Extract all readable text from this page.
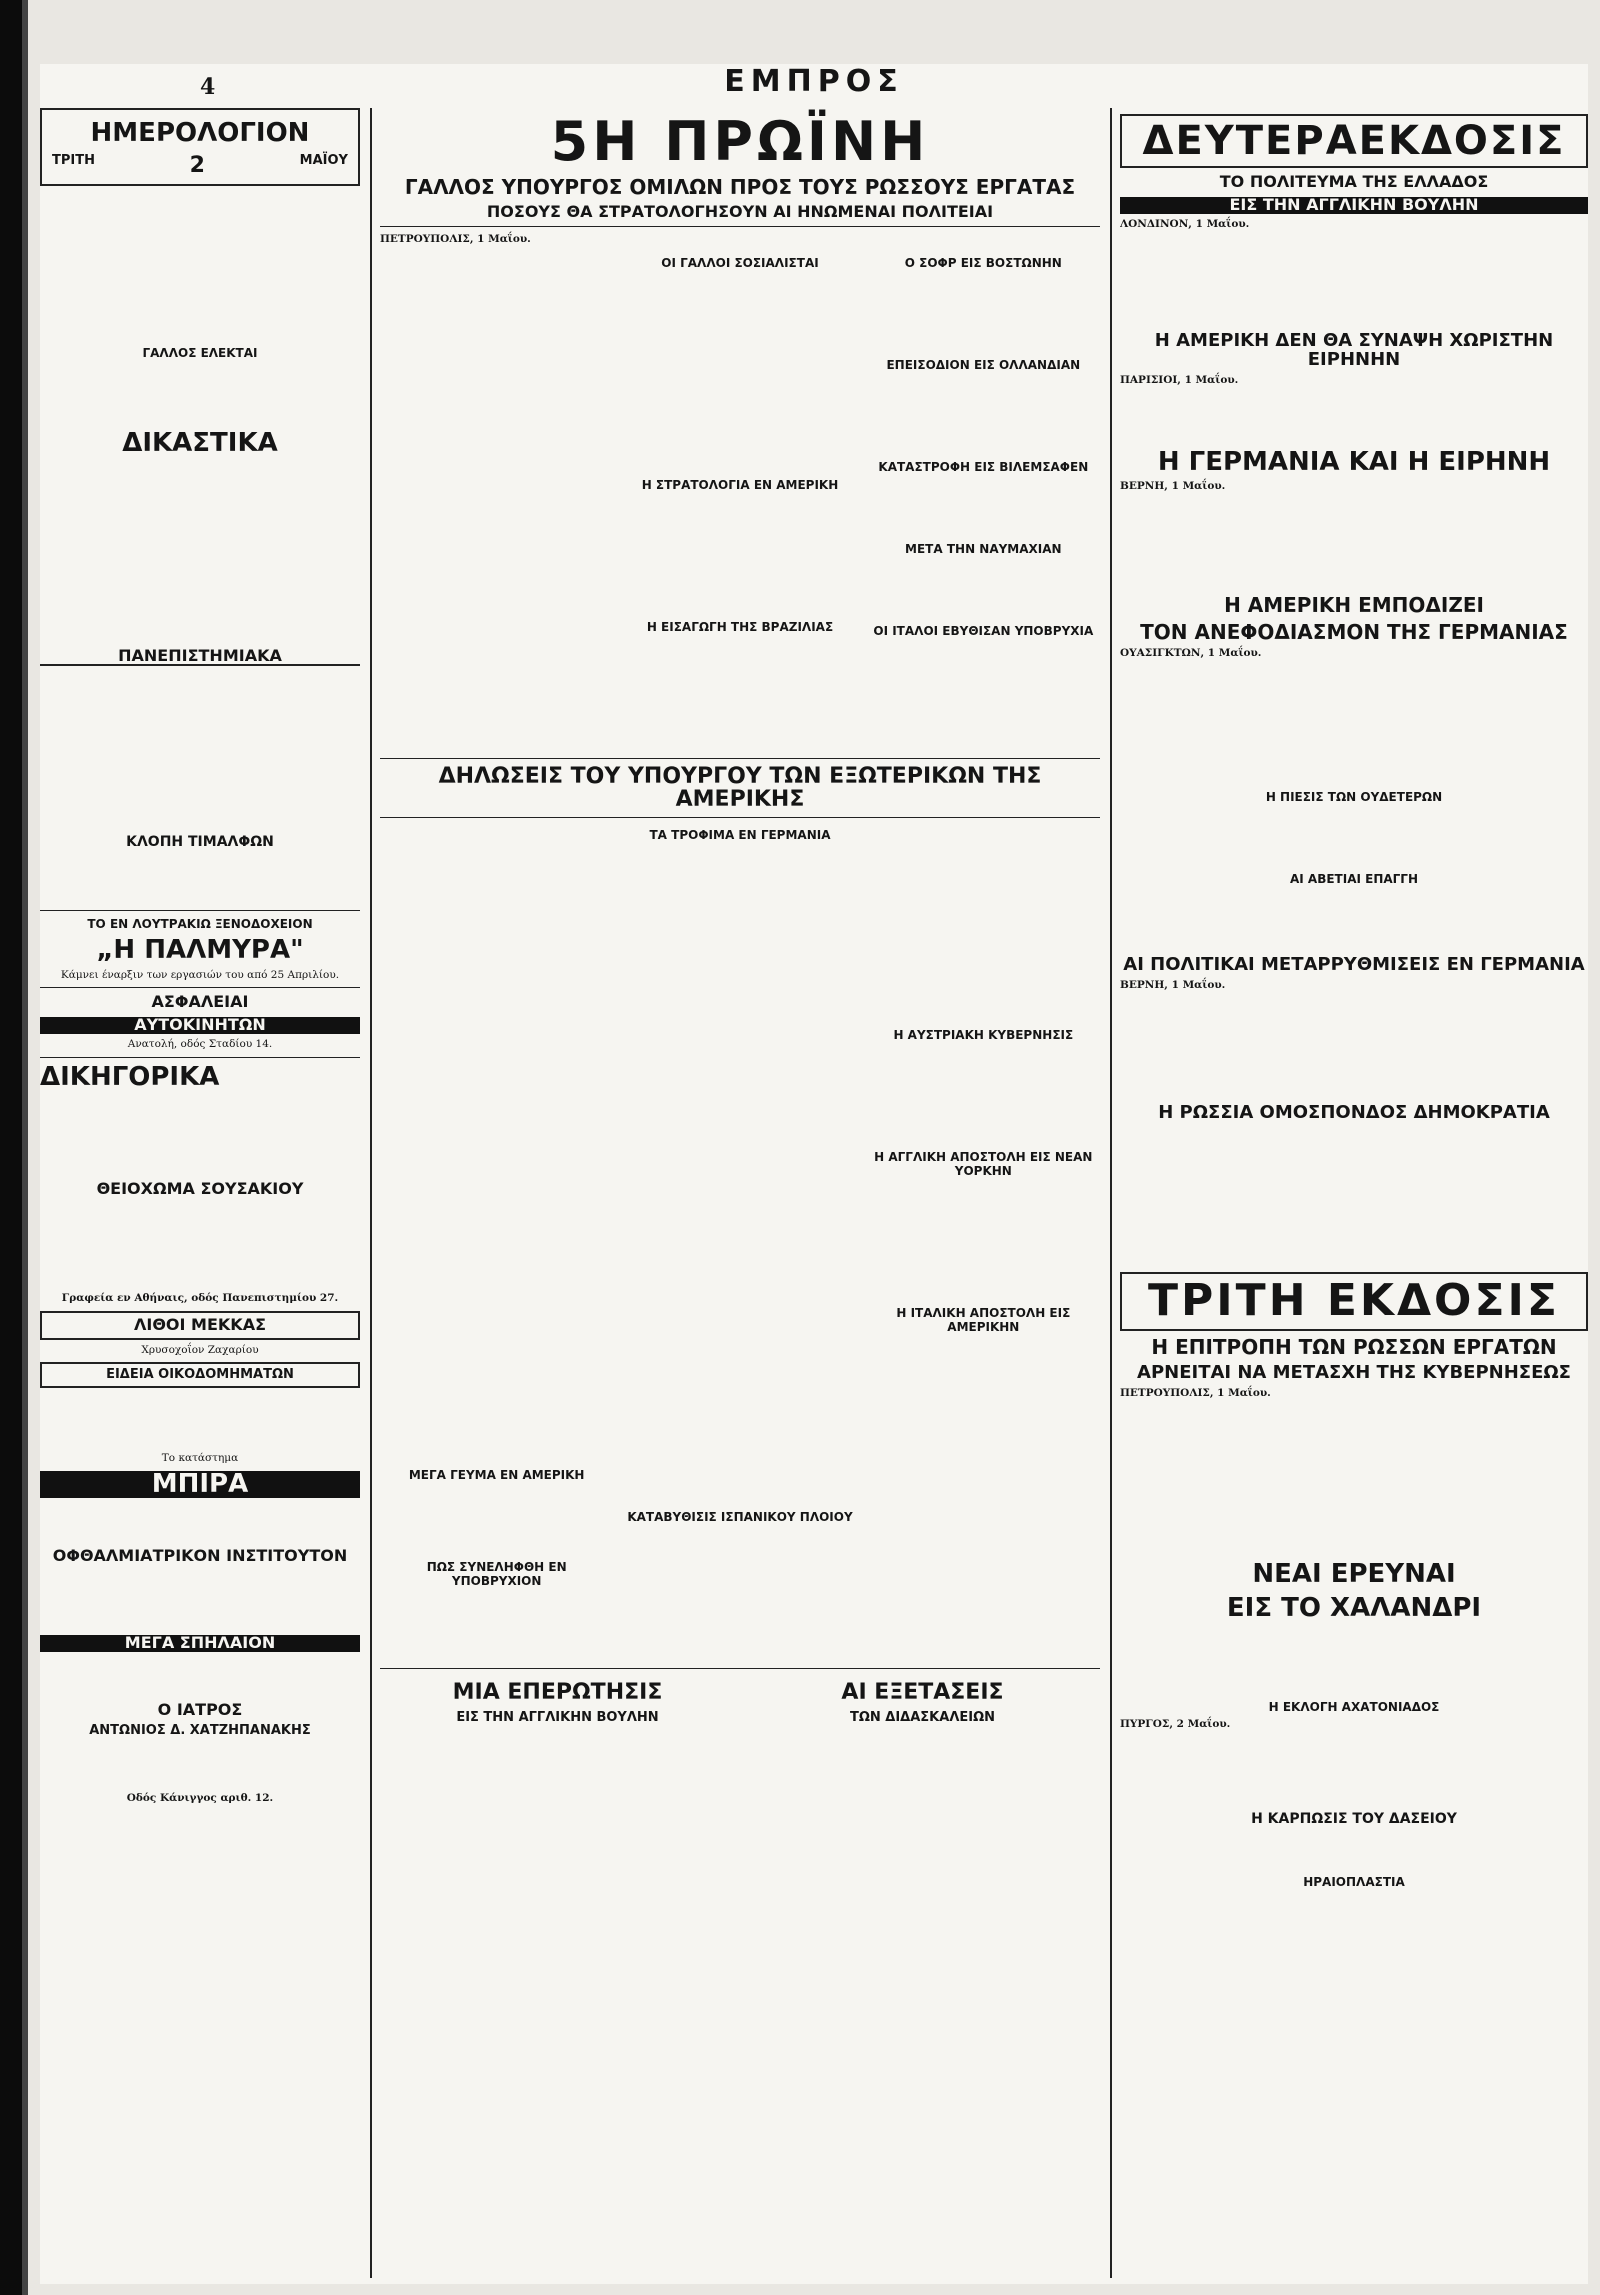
4	ΕΜΠΡΟΣ
ΗΜΕΡΟΛΟΓΙΟΝ
ΤΡΙΤΗ	2	ΜΑΪΟΥ
ΓΑΛΛΟΣ ΕΛΕΚΤΑΙ
ΔΙΚΑΣΤΙΚΑ
ΠΑΝΕΠΙΣΤΗΜΙΑΚΑ
ΚΛΟΠΗ ΤΙΜΑΛΦΩΝ
ΤΟ ΕΝ ΛΟΥΤΡΑΚΙΩ ΞΕΝΟΔΟΧΕΙΟΝ
„Η ΠΑΛΜΥΡΑ"
Κάμνει έναρξιν των εργασιών του από 25 Απριλίου.
ΑΣΦΑΛΕΙΑΙ
ΑΥΤΟΚΙΝΗΤΩΝ
Ανατολή, οδός Σταδίου 14.
ΔΙΚΗΓΟΡΙΚΑ
ΘΕΙΟΧΩΜΑ ΣΟΥΣΑΚΙΟΥ
Γραφεία εν Αθήναις, οδός Πανεπιστημίου 27.
ΛΙΘΟΙ ΜΕΚΚΑΣ
Χρυσοχοΐον Ζαχαρίου
ΕΙΔΕΙΑ ΟΙΚΟΔΟΜΗΜΑΤΩΝ
Το κατάστημα
ΜΠΙΡΑ
ΟΦΘΑΛΜΙΑΤΡΙΚΟΝ ΙΝΣΤΙΤΟΥΤΟΝ
ΜΕΓΑ ΣΠΗΛΑΙΟΝ
Ο ΙΑΤΡΟΣ
ΑΝΤΩΝΙΟΣ Δ. ΧΑΤΖΗΠΑΝΑΚΗΣ
Οδός Κάνιγγος αριθ. 12.
5Η ΠΡΩΪΝΗ
ΓΑΛΛΟΣ ΥΠΟΥΡΓΟΣ ΟΜΙΛΩΝ ΠΡΟΣ ΤΟΥΣ ΡΩΣΣΟΥΣ ΕΡΓΑΤΑΣ
ΠΟΣΟΥΣ ΘΑ ΣΤΡΑΤΟΛΟΓΗΣΟΥΝ ΑΙ ΗΝΩΜΕΝΑΙ ΠΟΛΙΤΕΙΑΙ
ΠΕΤΡΟΥΠΟΛΙΣ, 1 Μαΐου.
ΟΙ ΓΑΛΛΟΙ ΣΟΣΙΑΛΙΣΤΑΙ
Η ΣΤΡΑΤΟΛΟΓΙΑ ΕΝ ΑΜΕΡΙΚΗ
Η ΕΙΣΑΓΩΓΗ ΤΗΣ ΒΡΑΖΙΛΙΑΣ
Ο ΣΟΦΡ ΕΙΣ ΒΟΣΤΩΝΗΝ
ΕΠΕΙΣΟΔΙΟΝ ΕΙΣ ΟΛΛΑΝΔΙΑΝ
ΚΑΤΑΣΤΡΟΦΗ ΕΙΣ ΒΙΛΕΜΣΑΦΕΝ
ΜΕΤΑ ΤΗΝ ΝΑΥΜΑΧΙΑΝ
ΟΙ ΙΤΑΛΟΙ ΕΒΥΘΙΣΑΝ ΥΠΟΒΡΥΧΙΑ
ΔΗΛΩΣΕΙΣ ΤΟΥ ΥΠΟΥΡΓΟΥ ΤΩΝ ΕΞΩΤΕΡΙΚΩΝ ΤΗΣ ΑΜΕΡΙΚΗΣ
ΜΕΓΑ ΓΕΥΜΑ ΕΝ ΑΜΕΡΙΚΗ
ΠΩΣ ΣΥΝΕΛΗΦΘΗ ΕΝ ΥΠΟΒΡΥΧΙΟΝ
ΤΑ ΤΡΟΦΙΜΑ ΕΝ ΓΕΡΜΑΝΙΑ
ΚΑΤΑΒΥΘΙΣΙΣ ΙΣΠΑΝΙΚΟΥ ΠΛΟΙΟΥ
Η ΑΥΣΤΡΙΑΚΗ ΚΥΒΕΡΝΗΣΙΣ
Η ΑΓΓΛΙΚΗ ΑΠΟΣΤΟΛΗ ΕΙΣ ΝΕΑΝ ΥΟΡΚΗΝ
Η ΙΤΑΛΙΚΗ ΑΠΟΣΤΟΛΗ ΕΙΣ ΑΜΕΡΙΚΗΝ
ΜΙΑ ΕΠΕΡΩΤΗΣΙΣ
ΕΙΣ ΤΗΝ ΑΓΓΛΙΚΗΝ ΒΟΥΛΗΝ
ΑΙ ΕΞΕΤΑΣΕΙΣ
ΤΩΝ ΔΙΔΑΣΚΑΛΕΙΩΝ
ΔΕΥΤΕΡΑΕΚΔΟΣΙΣ
ΤΟ ΠΟΛΙΤΕΥΜΑ ΤΗΣ ΕΛΛΑΔΟΣ
ΕΙΣ ΤΗΝ ΑΓΓΛΙΚΗΝ ΒΟΥΛΗΝ
ΛΟΝΔΙΝΟΝ, 1 Μαΐου.
Η ΑΜΕΡΙΚΗ ΔΕΝ ΘΑ ΣΥΝΑΨΗ ΧΩΡΙΣΤΗΝ ΕΙΡΗΝΗΝ
ΠΑΡΙΣΙΟΙ, 1 Μαΐου.
Η ΓΕΡΜΑΝΙΑ ΚΑΙ Η ΕΙΡΗΝΗ
ΒΕΡΝΗ, 1 Μαΐου.
Η ΑΜΕΡΙΚΗ ΕΜΠΟΔΙΖΕΙ
ΤΟΝ ΑΝΕΦΟΔΙΑΣΜΟΝ ΤΗΣ ΓΕΡΜΑΝΙΑΣ
ΟΥΑΣΙΓΚΤΩΝ, 1 Μαΐου.
Η ΠΙΕΣΙΣ ΤΩΝ ΟΥΔΕΤΕΡΩΝ
ΑΙ ΑΒΕΤΙΑΙ ΕΠΑΓΓΗ
ΑΙ ΠΟΛΙΤΙΚΑΙ ΜΕΤΑΡΡΥΘΜΙΣΕΙΣ ΕΝ ΓΕΡΜΑΝΙΑ
ΒΕΡΝΗ, 1 Μαΐου.
Η ΡΩΣΣΙΑ ΟΜΟΣΠΟΝΔΟΣ ΔΗΜΟΚΡΑΤΙΑ
ΤΡΙΤΗ ΕΚΔΟΣΙΣ
Η ΕΠΙΤΡΟΠΗ ΤΩΝ ΡΩΣΣΩΝ ΕΡΓΑΤΩΝ
ΑΡΝΕΙΤΑΙ ΝΑ ΜΕΤΑΣΧΗ ΤΗΣ ΚΥΒΕΡΝΗΣΕΩΣ
ΠΕΤΡΟΥΠΟΛΙΣ, 1 Μαΐου.
ΝΕΑΙ ΕΡΕΥΝΑΙ
ΕΙΣ ΤΟ ΧΑΛΑΝΔΡΙ
Η ΕΚΛΟΓΗ ΑΧΑΤΟΝΙΑΔΟΣ
ΠΥΡΓΟΣ, 2 Μαΐου.
Η ΚΑΡΠΩΣΙΣ ΤΟΥ ΔΑΣΕΙΟΥ
ΗΡΑΙΟΠΛΑΣΤΙΑ
